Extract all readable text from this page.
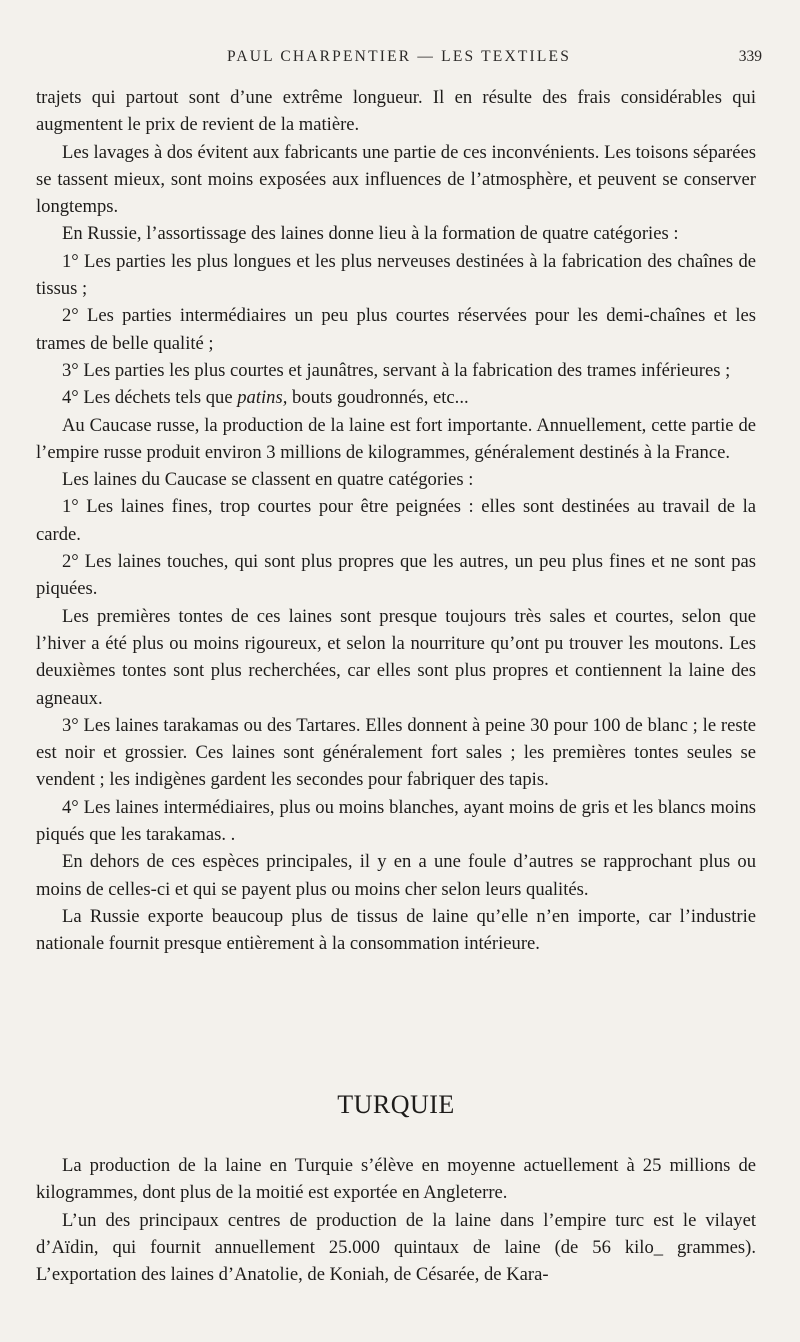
PAUL CHARPENTIER — LES TEXTILES	339

trajets qui partout sont d’une extrême longueur. Il en résulte des frais considérables qui augmentent le prix de revient de la matière.

Les lavages à dos évitent aux fabricants une partie de ces inconvénients. Les toisons séparées se tassent mieux, sont moins exposées aux influences de l’atmosphère, et peuvent se conserver longtemps.

En Russie, l’assortissage des laines donne lieu à la formation de quatre catégories :

1° Les parties les plus longues et les plus nerveuses destinées à la fabrication des chaînes de tissus ;

2° Les parties intermédiaires un peu plus courtes réservées pour les demi-chaînes et les trames de belle qualité ;

3° Les parties les plus courtes et jaunâtres, servant à la fabrication des trames inférieures ;

4° Les déchets tels que patins, bouts goudronnés, etc...

Au Caucase russe, la production de la laine est fort importante. Annuellement, cette partie de l’empire russe produit environ 3 millions de kilogrammes, généralement destinés à la France.

Les laines du Caucase se classent en quatre catégories :

1° Les laines fines, trop courtes pour être peignées : elles sont destinées au travail de la carde.

2° Les laines touches, qui sont plus propres que les autres, un peu plus fines et ne sont pas piquées.

Les premières tontes de ces laines sont presque toujours très sales et courtes, selon que l’hiver a été plus ou moins rigoureux, et selon la nourriture qu’ont pu trouver les moutons. Les deuxièmes tontes sont plus recherchées, car elles sont plus propres et contiennent la laine des agneaux.

3° Les laines tarakamas ou des Tartares. Elles donnent à peine 30 pour 100 de blanc ; le reste est noir et grossier. Ces laines sont généralement fort sales ; les premières tontes seules se vendent ; les indigènes gardent les secondes pour fabriquer des tapis.

4° Les laines intermédiaires, plus ou moins blanches, ayant moins de gris et les blancs moins piqués que les tarakamas. .

En dehors de ces espèces principales, il y en a une foule d’autres se rapprochant plus ou moins de celles-ci et qui se payent plus ou moins cher selon leurs qualités.

La Russie exporte beaucoup plus de tissus de laine qu’elle n’en importe, car l’industrie nationale fournit presque entièrement à la consommation intérieure.

TURQUIE

La production de la laine en Turquie s’élève en moyenne actuellement à 25 millions de kilogrammes, dont plus de la moitié est exportée en Angleterre.

L’un des principaux centres de production de la laine dans l’empire turc est le vilayet d’Aïdin, qui fournit annuellement 25.000 quintaux de laine (de 56 kilo_ grammes). L’exportation des laines d’Anatolie, de Koniah, de Césarée, de Kara-
